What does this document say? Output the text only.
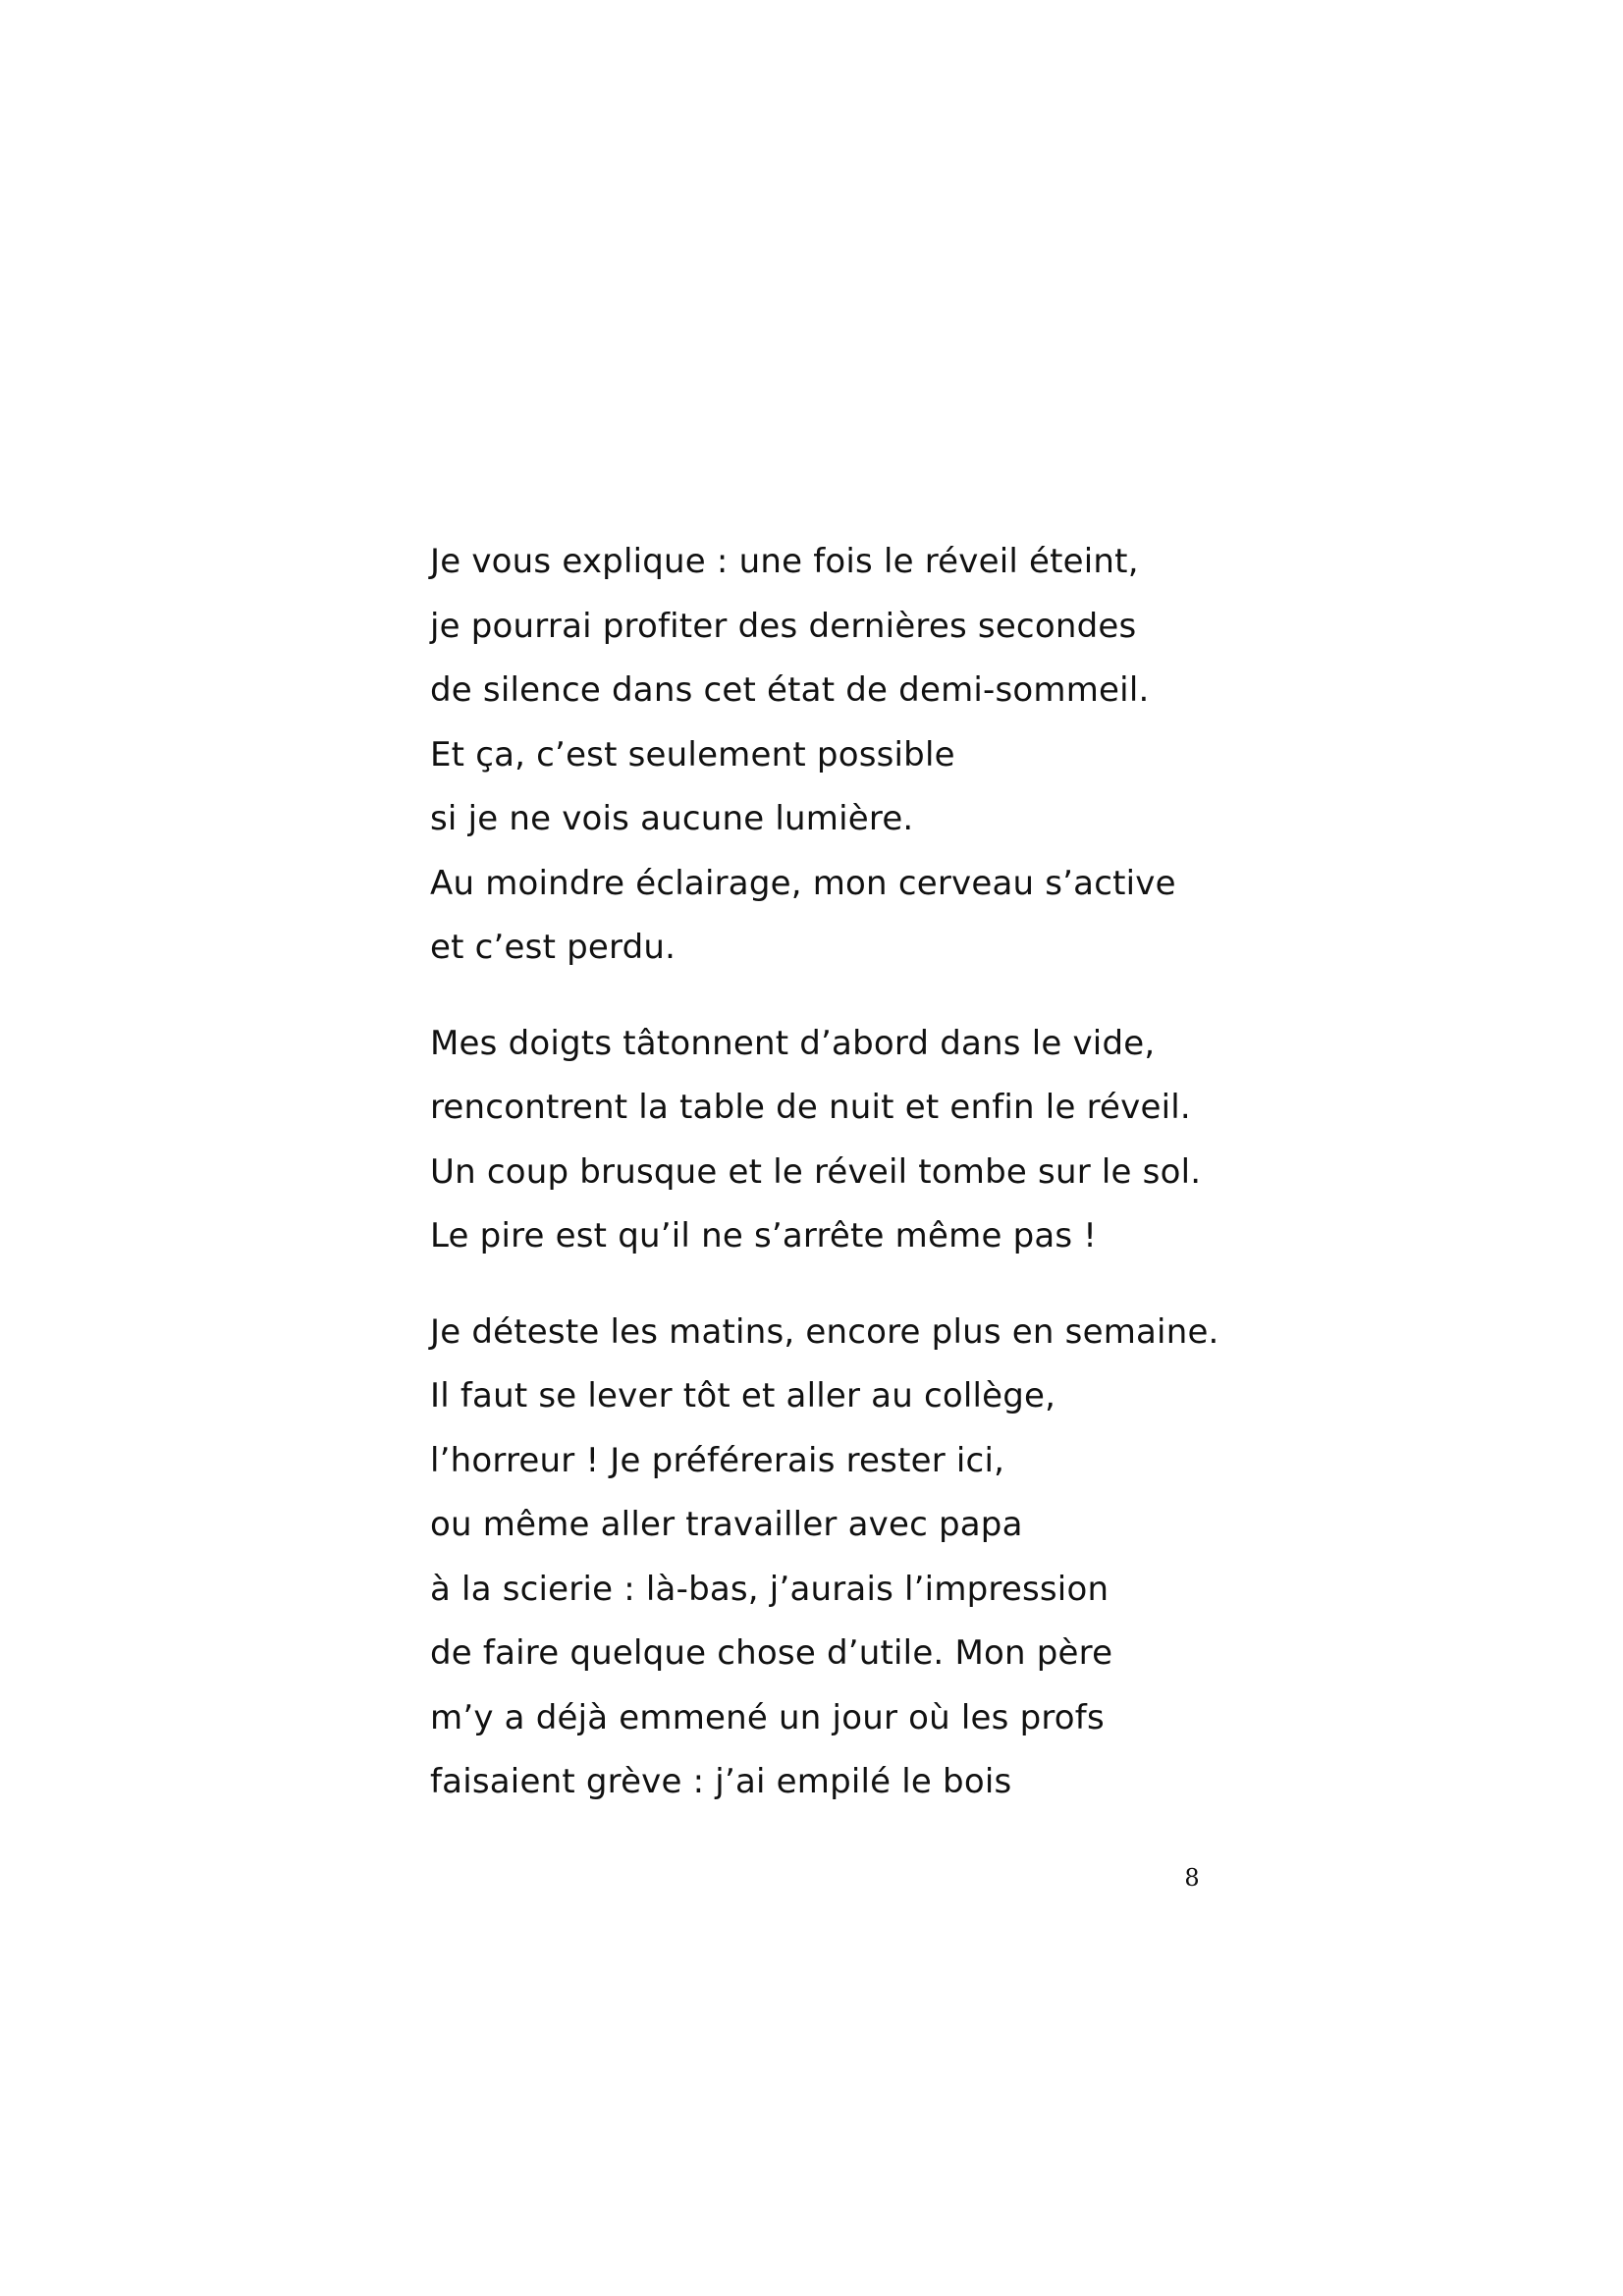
Je vous explique : une fois le réveil éteint,
je pourrai profiter des dernières secondes
de silence dans cet état de demi-sommeil.
Et ça, c’est seulement possible
si je ne vois aucune lumière.
Au moindre éclairage, mon cerveau s’active
et c’est perdu.
Mes doigts tâtonnent d’abord dans le vide,
rencontrent la table de nuit et enfin le réveil.
Un coup brusque et le réveil tombe sur le sol.
Le pire est qu’il ne s’arrête même pas !
Je déteste les matins, encore plus en semaine.
Il faut se lever tôt et aller au collège,
l’horreur ! Je préférerais rester ici,
ou même aller travailler avec papa
à la scierie : là-bas, j’aurais l’impression
de faire quelque chose d’utile. Mon père
m’y a déjà emmené un jour où les profs
faisaient grève : j’ai empilé le bois
8
